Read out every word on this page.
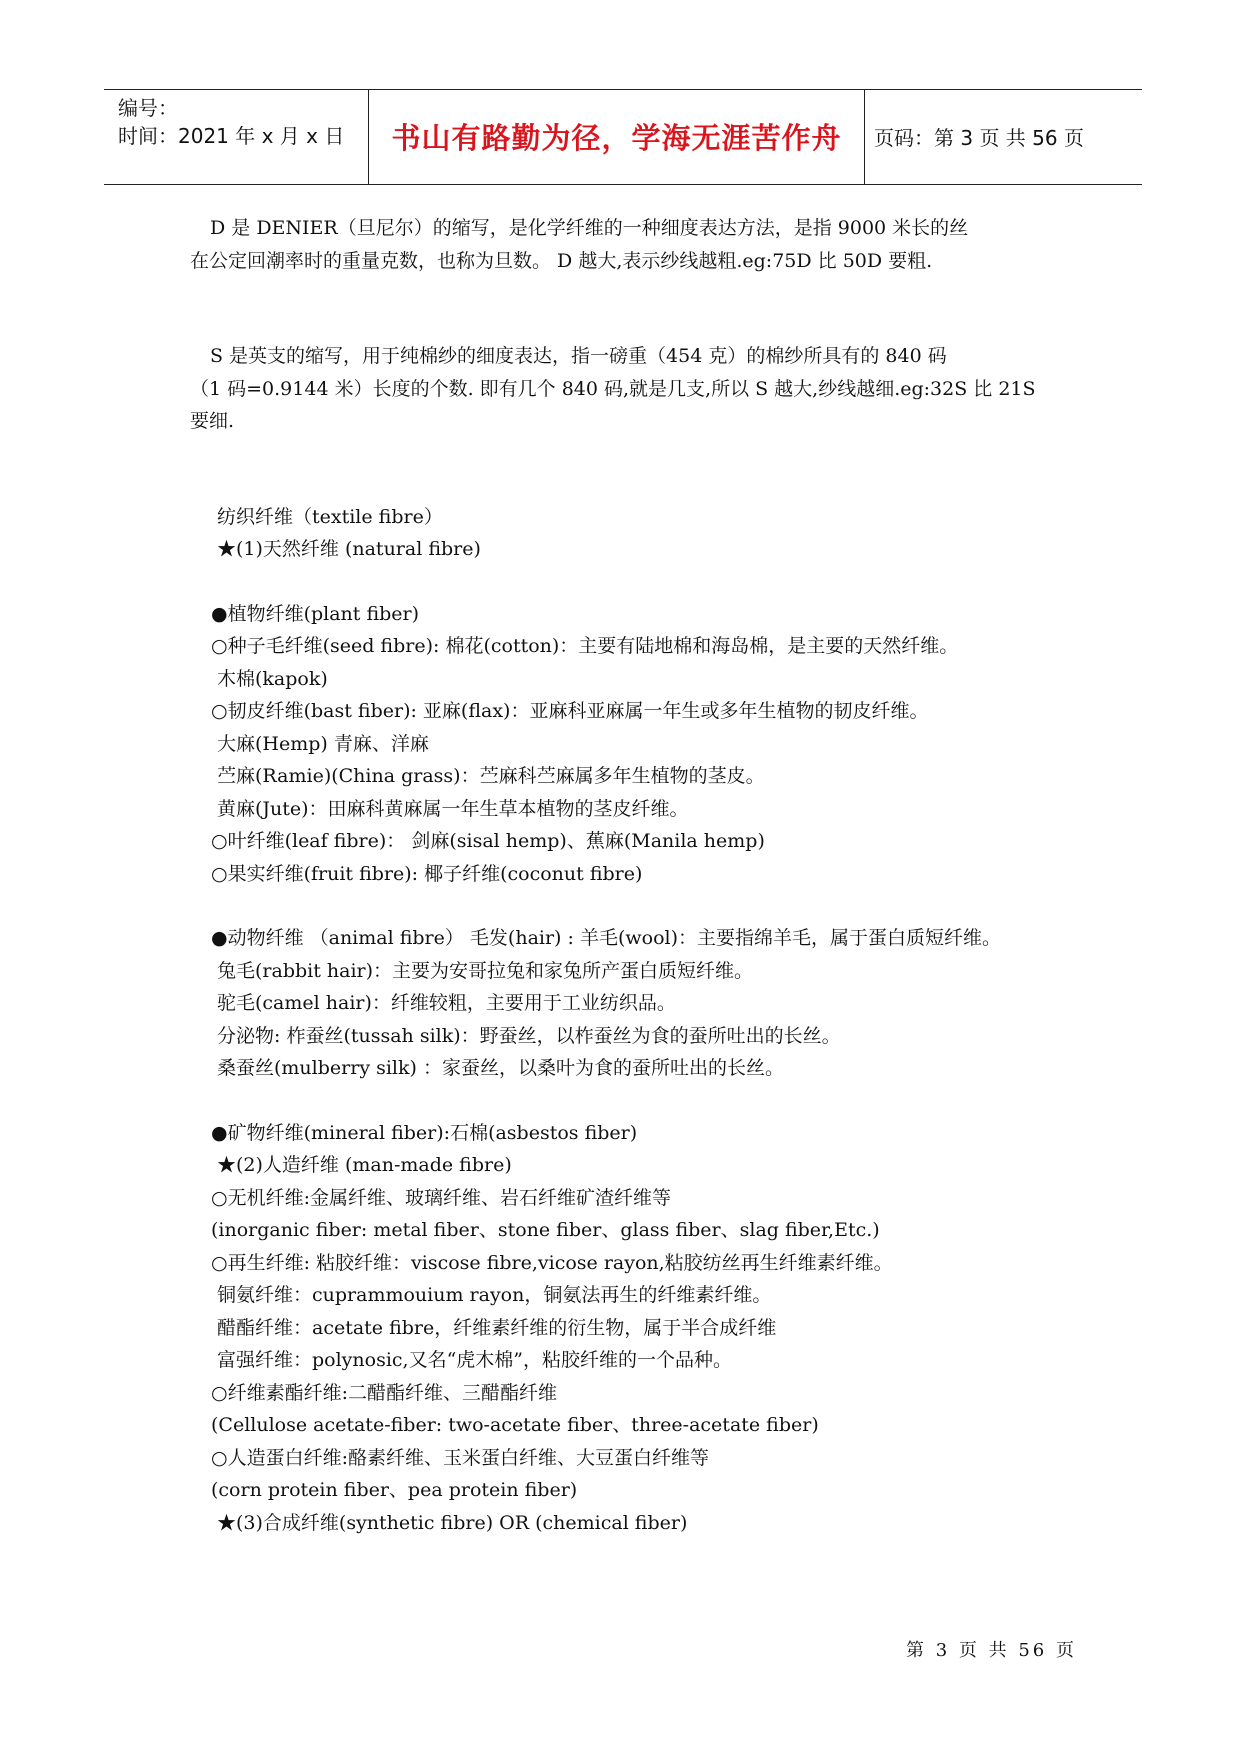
编号：
时间：2021 年 x 月 x 日	书山有路勤为径，学海无涯苦作舟	页码：第 3 页 共 56 页
D 是 DENIER（旦尼尔）的缩写，是化学纤维的一种细度表达方法，是指 9000 米长的丝
在公定回潮率时的重量克数，也称为旦数。 D 越大,表示纱线越粗.eg:75D 比 50D 要粗.
S 是英支的缩写，用于纯棉纱的细度表达，指一磅重（454 克）的棉纱所具有的 840 码
（1 码=0.9144 米）长度的个数. 即有几个 840 码,就是几支,所以 S 越大,纱线越细.eg:32S 比 21S
要细.
纺织纤维（textile fibre）
★(1)天然纤维 (natural fibre)
●植物纤维(plant fiber)
○种子毛纤维(seed fibre): 棉花(cotton)：主要有陆地棉和海岛棉，是主要的天然纤维。
木棉(kapok)
○韧皮纤维(bast fiber): 亚麻(flax)：亚麻科亚麻属一年生或多年生植物的韧皮纤维。
大麻(Hemp) 青麻、洋麻
苎麻(Ramie)(China grass)：苎麻科苎麻属多年生植物的茎皮。
黄麻(Jute)：田麻科黄麻属一年生草本植物的茎皮纤维。
○叶纤维(leaf fibre)： 剑麻(sisal hemp)、蕉麻(Manila hemp)
○果实纤维(fruit fibre): 椰子纤维(coconut fibre)
●动物纤维 （animal fibre） 毛发(hair) : 羊毛(wool)：主要指绵羊毛，属于蛋白质短纤维。
兔毛(rabbit hair)：主要为安哥拉兔和家兔所产蛋白质短纤维。
驼毛(camel hair)：纤维较粗，主要用于工业纺织品。
分泌物: 柞蚕丝(tussah silk)：野蚕丝，以柞蚕丝为食的蚕所吐出的长丝。
桑蚕丝(mulberry silk) ：家蚕丝，以桑叶为食的蚕所吐出的长丝。
●矿物纤维(mineral fiber):石棉(asbestos fiber)
★(2)人造纤维 (man-made fibre)
○无机纤维:金属纤维、玻璃纤维、岩石纤维矿渣纤维等
(inorganic fiber: metal fiber、stone fiber、glass fiber、slag fiber,Etc.)
○再生纤维: 粘胶纤维：viscose fibre,vicose rayon,粘胶纺丝再生纤维素纤维。
铜氨纤维：cuprammouium rayon，铜氨法再生的纤维素纤维。
醋酯纤维：acetate fibre，纤维素纤维的衍生物，属于半合成纤维
富强纤维：polynosic,又名“虎木棉”，粘胶纤维的一个品种。
○纤维素酯纤维:二醋酯纤维、三醋酯纤维
(Cellulose acetate-fiber: two-acetate fiber、three-acetate fiber)
○人造蛋白纤维:酪素纤维、玉米蛋白纤维、大豆蛋白纤维等
(corn protein fiber、pea protein fiber)
★(3)合成纤维(synthetic fibre) OR (chemical fiber)
第 3 页 共 56 页
